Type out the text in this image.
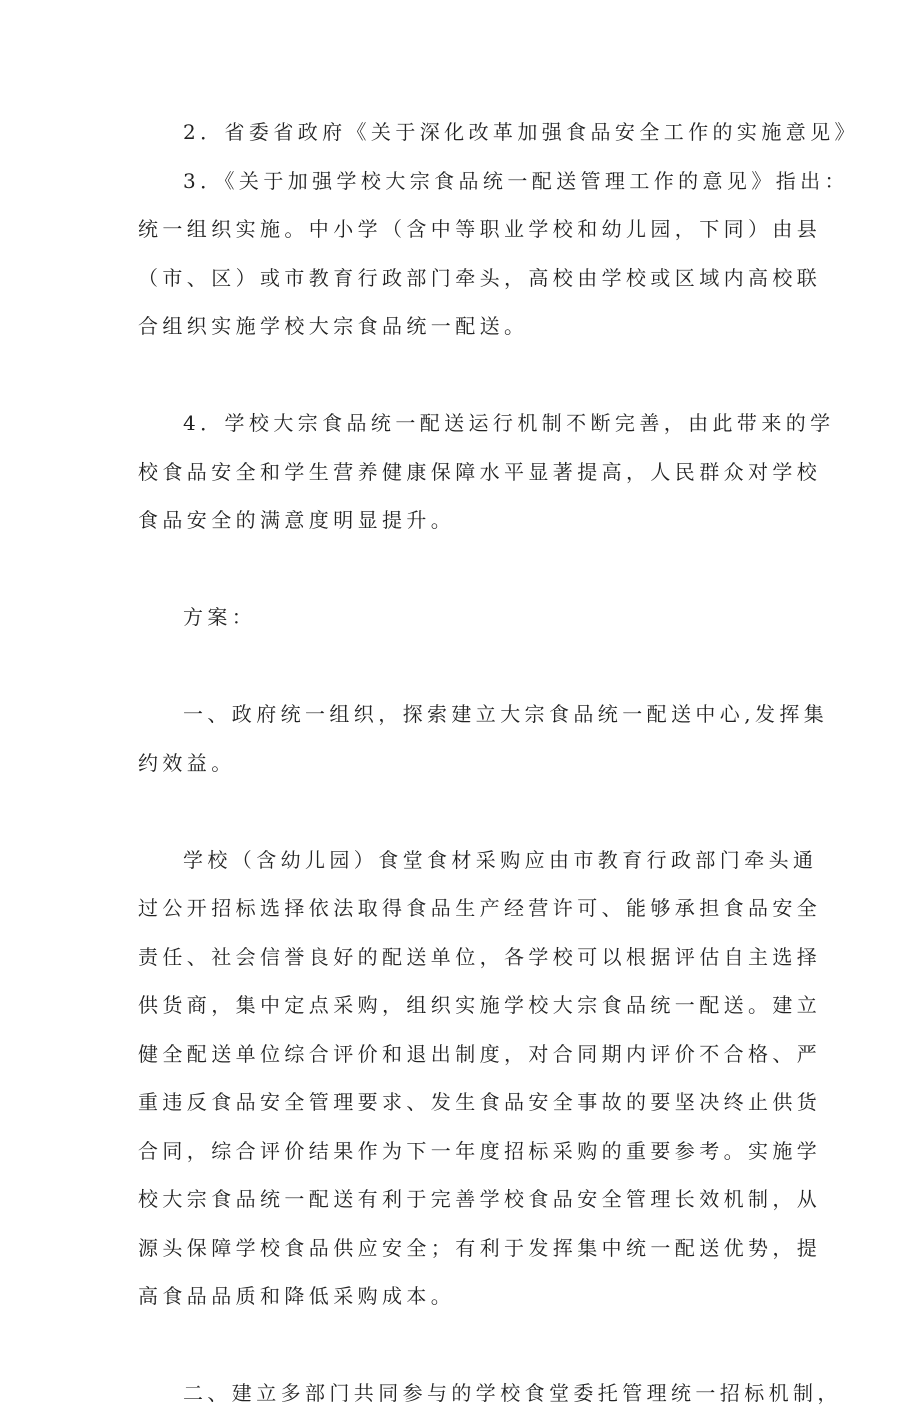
2．省委省政府《关于深化改革加强食品安全工作的实施意见》
3．《关于加强学校大宗食品统一配送管理工作的意见》指出：
统一组织实施。中小学（含中等职业学校和幼儿园，下同）由县
（市、区）或市教育行政部门牵头，高校由学校或区域内高校联
合组织实施学校大宗食品统一配送。
4．学校大宗食品统一配送运行机制不断完善，由此带来的学
校食品安全和学生营养健康保障水平显著提高，人民群众对学校
食品安全的满意度明显提升。
方案：
一、政府统一组织，探索建立大宗食品统一配送中心,发挥集
约效益。
学校（含幼儿园）食堂食材采购应由市教育行政部门牵头通
过公开招标选择依法取得食品生产经营许可、能够承担食品安全
责任、社会信誉良好的配送单位，各学校可以根据评估自主选择
供货商，集中定点采购，组织实施学校大宗食品统一配送。建立
健全配送单位综合评价和退出制度，对合同期内评价不合格、严
重违反食品安全管理要求、发生食品安全事故的要坚决终止供货
合同，综合评价结果作为下一年度招标采购的重要参考。实施学
校大宗食品统一配送有利于完善学校食品安全管理长效机制，从
源头保障学校食品供应安全；有利于发挥集中统一配送优势，提
高食品品质和降低采购成本。
二、建立多部门共同参与的学校食堂委托管理统一招标机制，
